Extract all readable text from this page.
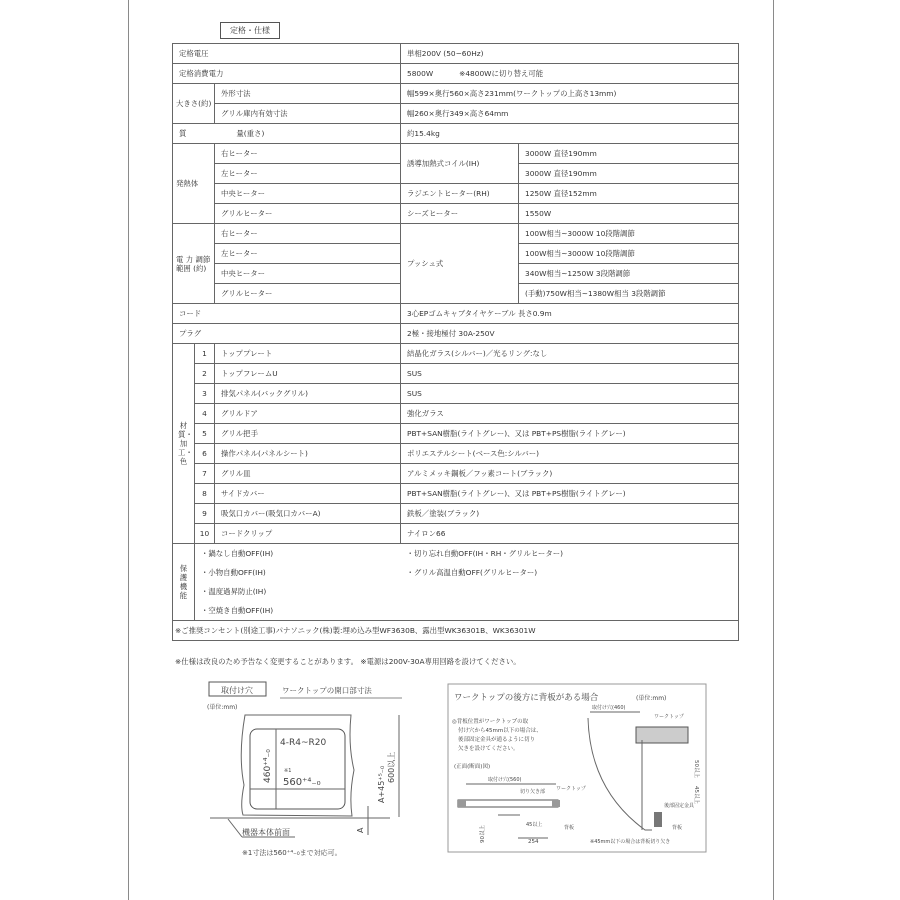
定格・仕様
定格電圧			単相200V (50−60Hz)	
定格消費電力			5800W ※4800Wに切り替え可能	
大きさ(約)		外形寸法	幅599×奥行560×高さ231mm(ワークトップの上高さ13mm)	
		グリル庫内有効寸法	幅260×奥行349×高さ64mm	
質 量(重さ)			約15.4kg	
発熱体		右ヒーター	誘導加熱式コイル(IH)	3000W 直径190mm
		左ヒーター		3000W 直径190mm
		中央ヒーター	ラジエントヒーター(RH)	1250W 直径152mm
		グリルヒーター	シーズヒーター	1550W
電 力 調節範囲 (約)		右ヒーター	プッシュ式	100W相当~3000W 10段階調節
		左ヒーター		100W相当~3000W 10段階調節
		中央ヒーター		340W相当~1250W 3段階調節
		グリルヒーター		(手動)750W相当~1380W相当 3段階調節
コード			3心EPゴムキャブタイヤケーブル 長さ0.9m	
プラグ			2極・接地極付 30A-250V	
材質・加工・色	1	トッププレート	結晶化ガラス(シルバー)／光るリング:なし	
	2	トップフレームU	SUS	
	3	排気パネル(バックグリル)	SUS	
	4	グリルドア	強化ガラス	
	5	グリル把手	PBT+SAN樹脂(ライトグレー)、又は PBT+PS樹脂(ライトグレー)	
	6	操作パネル(パネルシート)	ポリエステルシート(ベース色:シルバー)	
	7	グリル皿	アルミメッキ鋼板／フッ素コート(ブラック)	
	8	サイドカバー	PBT+SAN樹脂(ライトグレー)、又は PBT+PS樹脂(ライトグレー)	
	9	吸気口カバー(吸気口カバーA)	鉄板／塗装(ブラック)	
	10	コードクリップ	ナイロン66	
保護機能	・鍋なし自動OFF(IH)		・切り忘れ自動OFF(IH・RH・グリルヒーター)	
	・小物自動OFF(IH)		・グリル高温自動OFF(グリルヒーター)	
	・温度過昇防止(IH)			
	・空焼き自動OFF(IH)			
※ご推奨コンセント(別途工事)パナソニック(株)製:埋め込み型WF3630B、露出型WK36301B、WK36301W				
※仕様は改良のため予告なく変更することがあります。 ※電源は200V-30A専用回路を設けてください。
取付け穴	ワークトップの開口部寸法
(単位:mm)
4-R4~R20
460⁺⁴₋₀ ※1
560⁺⁴₋₀	A+45⁺⁵₋₀ 600以上
A
機器本体前面
※1寸法は560⁺⁴₋₀まで対応可。
ワークトップの後方に背板がある場合	(単位:mm)
◎背板位置がワークトップの取
付け穴から45mm以下の場合は、
後部固定金具が通るように切り
欠きを設けてください。
(正面(断面)図)
取付け穴(560)
切り欠き部 ワークトップ
45以上
254
90以上	背板
取付け穴(460)
ワークトップ
50以上
45以上
後部固定金具
背板
※45mm以下の場合は背板切り欠き
